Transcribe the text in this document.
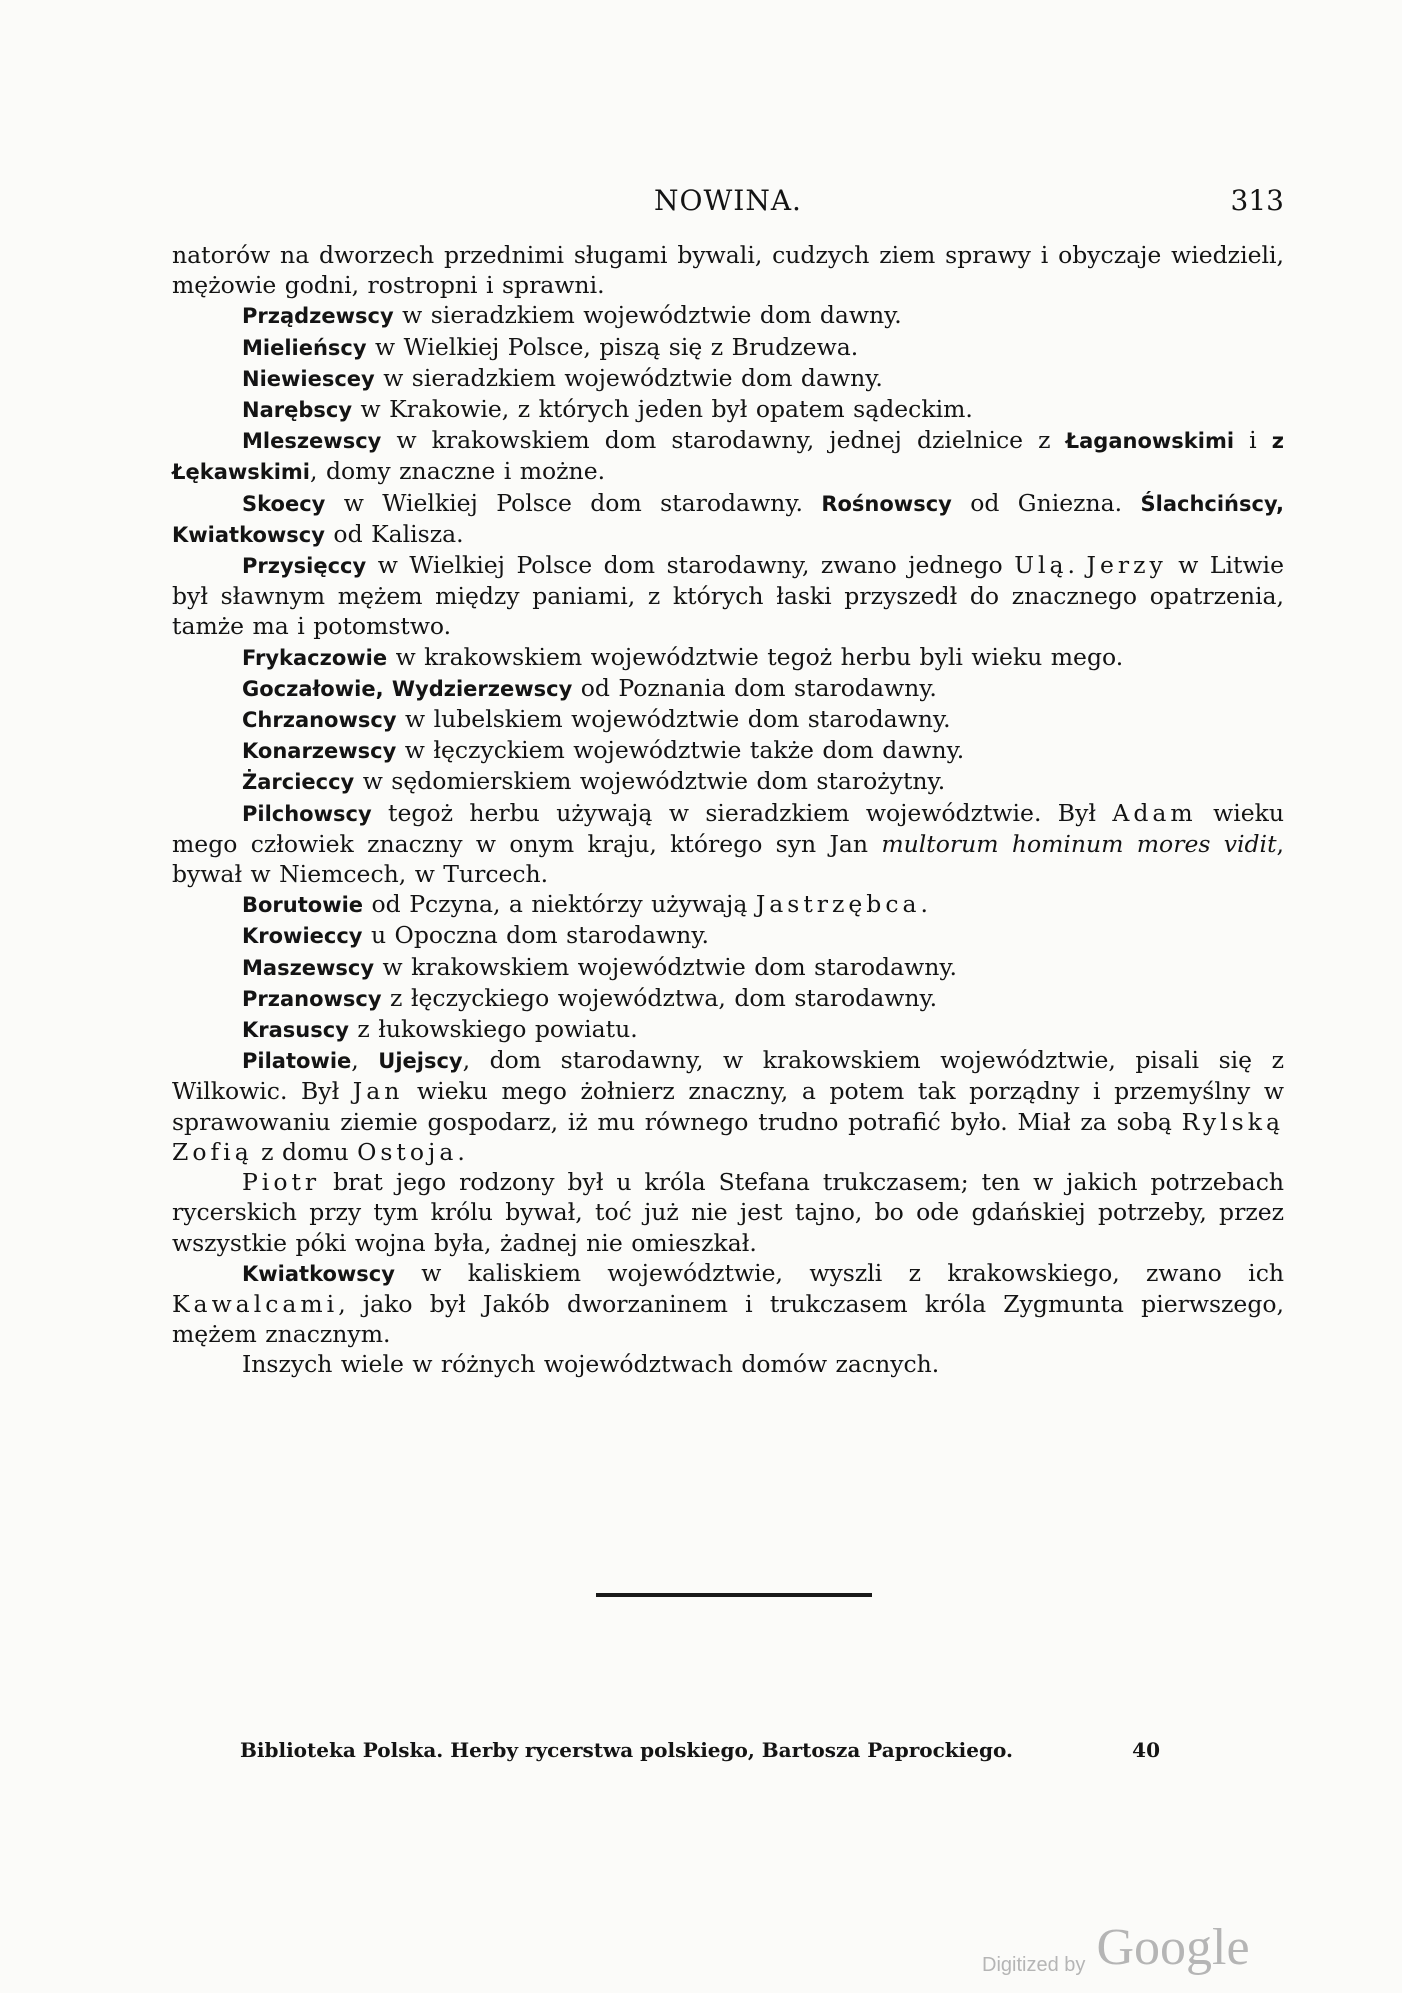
NOWINA.	313

natorów na dworzech przednimi sługami bywali, cudzych ziem sprawy i obyczaje wiedzieli, mężowie godni, rostropni i sprawni.

Prządzewscy w sieradzkiem województwie dom dawny.

Mielieńscy w Wielkiej Polsce, piszą się z Brudzewa.

Niewiescey w sieradzkiem województwie dom dawny.

Narębscy w Krakowie, z których jeden był opatem sądeckim.

Mleszewscy w krakowskiem dom starodawny, jednej dzielnice z Łaganowskimi i z Łękawskimi, domy znaczne i możne.

Skoecy w Wielkiej Polsce dom starodawny. Rośnowscy od Gniezna. Ślachcińscy, Kwiatkowscy od Kalisza.

Przysięccy w Wielkiej Polsce dom starodawny, zwano jednego Ulą. Jerzy w Litwie był sławnym mężem między paniami, z których łaski przyszedł do znacznego opatrzenia, tamże ma i potomstwo.

Frykaczowie w krakowskiem województwie tegoż herbu byli wieku mego.

Goczałowie, Wydzierzewscy od Poznania dom starodawny.

Chrzanowscy w lubelskiem województwie dom starodawny.

Konarzewscy w łęczyckiem województwie także dom dawny.

Żarcieccy w sędomierskiem województwie dom starożytny.

Pilchowscy tegoż herbu używają w sieradzkiem województwie. Był Adam wieku mego człowiek znaczny w onym kraju, którego syn Jan multorum hominum mores vidit, bywał w Niemcech, w Turcech.

Borutowie od Pczyna, a niektórzy używają Jastrzębca.

Krowieccy u Opoczna dom starodawny.

Maszewscy w krakowskiem województwie dom starodawny.

Przanowscy z łęczyckiego województwa, dom starodawny.

Krasuscy z łukowskiego powiatu.

Pilatowie, Ujejscy, dom starodawny, w krakowskiem województwie, pisali się z Wilkowic. Był Jan wieku mego żołnierz znaczny, a potem tak porządny i przemyślny w sprawowaniu ziemie gospodarz, iż mu równego trudno potrafić było. Miał za sobą Rylską Zofią z domu Ostoja.

Piotr brat jego rodzony był u króla Stefana trukczasem; ten w jakich potrzebach rycerskich przy tym królu bywał, toć już nie jest tajno, bo ode gdańskiej potrzeby, przez wszystkie póki wojna była, żadnej nie omieszkał.

Kwiatkowscy w kaliskiem województwie, wyszli z krakowskiego, zwano ich Kawalcami, jako był Jakób dworzaninem i trukczasem króla Zygmunta pierwszego, mężem znacznym.

Inszych wiele w różnych województwach domów zacnych.

Biblioteka Polska. Herby rycerstwa polskiego, Bartosza Paprockiego.	40
Digitized by Google
